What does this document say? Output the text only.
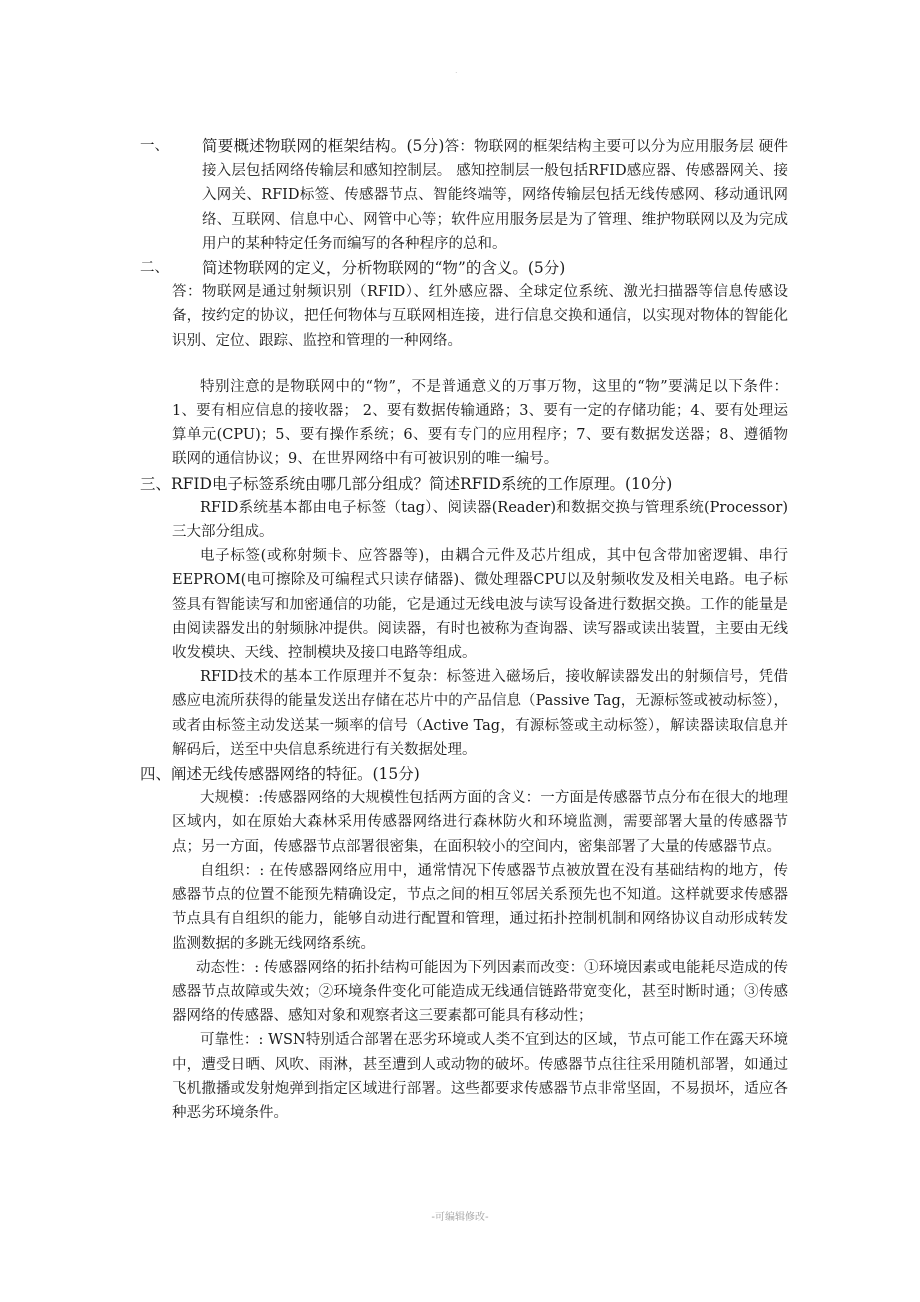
.
一、	简要概述物联网的框架结构。(5分)答：物联网的框架结构主要可以分为应用服务层 硬件接入层包括网络传输层和感知控制层。 感知控制层一般包括RFID感应器、传感器网关、接入网关、RFID标签、传感器节点、智能终端等，网络传输层包括无线传感网、移动通讯网络、互联网、信息中心、网管中心等；软件应用服务层是为了管理、维护物联网以及为完成用户的某种特定任务而编写的各种程序的总和。

二、	简述物联网的定义，分析物联网的“物”的含义。(5分)

答：物联网是通过射频识别（RFID）、红外感应器、全球定位系统、激光扫描器等信息传感设备，按约定的协议，把任何物体与互联网相连接，进行信息交换和通信，以实现对物体的智能化识别、定位、跟踪、监控和管理的一种网络。

特别注意的是物联网中的“物”，不是普通意义的万事万物，这里的“物”要满足以下条件：1、要有相应信息的接收器； 2、要有数据传输通路；3、要有一定的存储功能；4、要有处理运算单元(CPU)；5、要有操作系统；6、要有专门的应用程序；7、要有数据发送器；8、遵循物联网的通信协议；9、在世界网络中有可被识别的唯一编号。

三、RFID电子标签系统由哪几部分组成？简述RFID系统的工作原理。(10分)

RFID系统基本都由电子标签（tag）、阅读器(Reader)和数据交换与管理系统(Processor)三大部分组成。

电子标签(或称射频卡、应答器等)，由耦合元件及芯片组成，其中包含带加密逻辑、串行EEPROM(电可擦除及可编程式只读存储器)、微处理器CPU以及射频收发及相关电路。电子标签具有智能读写和加密通信的功能，它是通过无线电波与读写设备进行数据交换。工作的能量是由阅读器发出的射频脉冲提供。阅读器，有时也被称为查询器、读写器或读出装置，主要由无线收发模块、天线、控制模块及接口电路等组成。

RFID技术的基本工作原理并不复杂：标签进入磁场后，接收解读器发出的射频信号，凭借感应电流所获得的能量发送出存储在芯片中的产品信息（Passive Tag，无源标签或被动标签），或者由标签主动发送某一频率的信号（Active Tag，有源标签或主动标签），解读器读取信息并解码后，送至中央信息系统进行有关数据处理。

四、阐述无线传感器网络的特征。(15分)

大规模：:传感器网络的大规模性包括两方面的含义：一方面是传感器节点分布在很大的地理区域内，如在原始大森林采用传感器网络进行森林防火和环境监测，需要部署大量的传感器节点；另一方面，传感器节点部署很密集，在面积较小的空间内，密集部署了大量的传感器节点。

自组织：: 在传感器网络应用中，通常情况下传感器节点被放置在没有基础结构的地方，传感器节点的位置不能预先精确设定，节点之间的相互邻居关系预先也不知道。这样就要求传感器节点具有自组织的能力，能够自动进行配置和管理，通过拓扑控制机制和网络协议自动形成转发监测数据的多跳无线网络系统。

动态性：: 传感器网络的拓扑结构可能因为下列因素而改变：①环境因素或电能耗尽造成的传感器节点故障或失效；②环境条件变化可能造成无线通信链路带宽变化，甚至时断时通；③传感器网络的传感器、感知对象和观察者这三要素都可能具有移动性；

可靠性：: WSN特别适合部署在恶劣环境或人类不宜到达的区域，节点可能工作在露天环境中，遭受日晒、风吹、雨淋，甚至遭到人或动物的破坏。传感器节点往往采用随机部署，如通过飞机撒播或发射炮弹到指定区域进行部署。这些都要求传感器节点非常坚固，不易损坏，适应各种恶劣环境条件。

-可编辑修改-
